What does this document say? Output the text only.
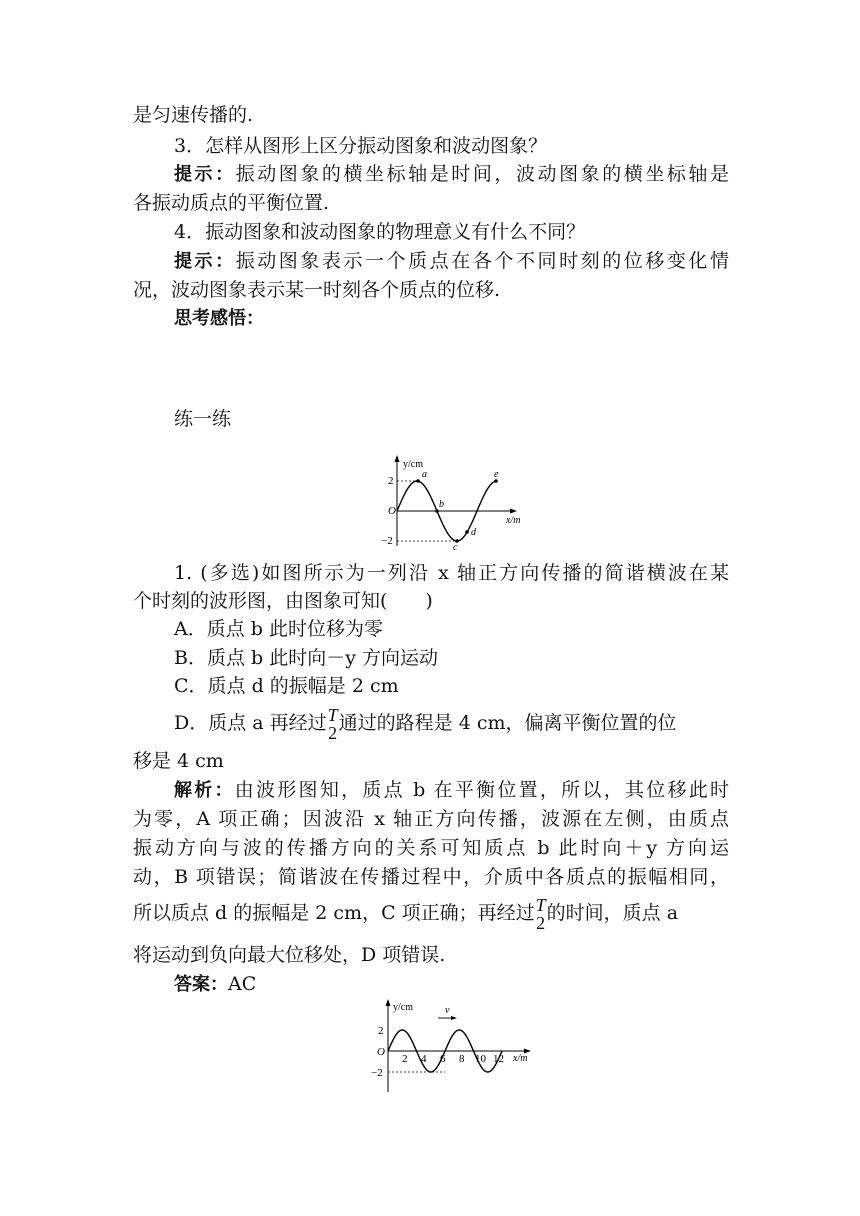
是匀速传播的.
3．怎样从图形上区分振动图象和波动图象？
提示：振动图象的横坐标轴是时间，波动图象的横坐标轴是
各振动质点的平衡位置.
4．振动图象和波动图象的物理意义有什么不同？
提示：振动图象表示一个质点在各个不同时刻的位移变化情
况，波动图象表示某一时刻各个质点的位移.
思考感悟：
练一练
y/cm
x/m
O
2
−2
a
b
c
d
e
1. (多选)如图所示为一列沿 x 轴正方向传播的简谐横波在某
个时刻的波形图，由图象可知(　　)
A．质点 b 此时位移为零
B．质点 b 此时向－y 方向运动
C．质点 d 的振幅是 2 cm
D．质点 a 再经过 T
2 通过的路程是 4 cm，偏离平衡位置的位
移是 4 cm
解析：由波形图知，质点 b 在平衡位置，所以，其位移此时
为零，A 项正确；因波沿 x 轴正方向传播，波源在左侧，由质点
振动方向与波的传播方向的关系可知质点 b 此时向＋y 方向运
动，B 项错误；简谐波在传播过程中，介质中各质点的振幅相同，
所以质点 d 的振幅是 2 cm，C 项正确；再经过 T
2 的时间，质点 a
将运动到负向最大位移处，D 项错误.
答案：AC
y/cm
x/m
O
2
−2
2 4 6 8 10 12
v
